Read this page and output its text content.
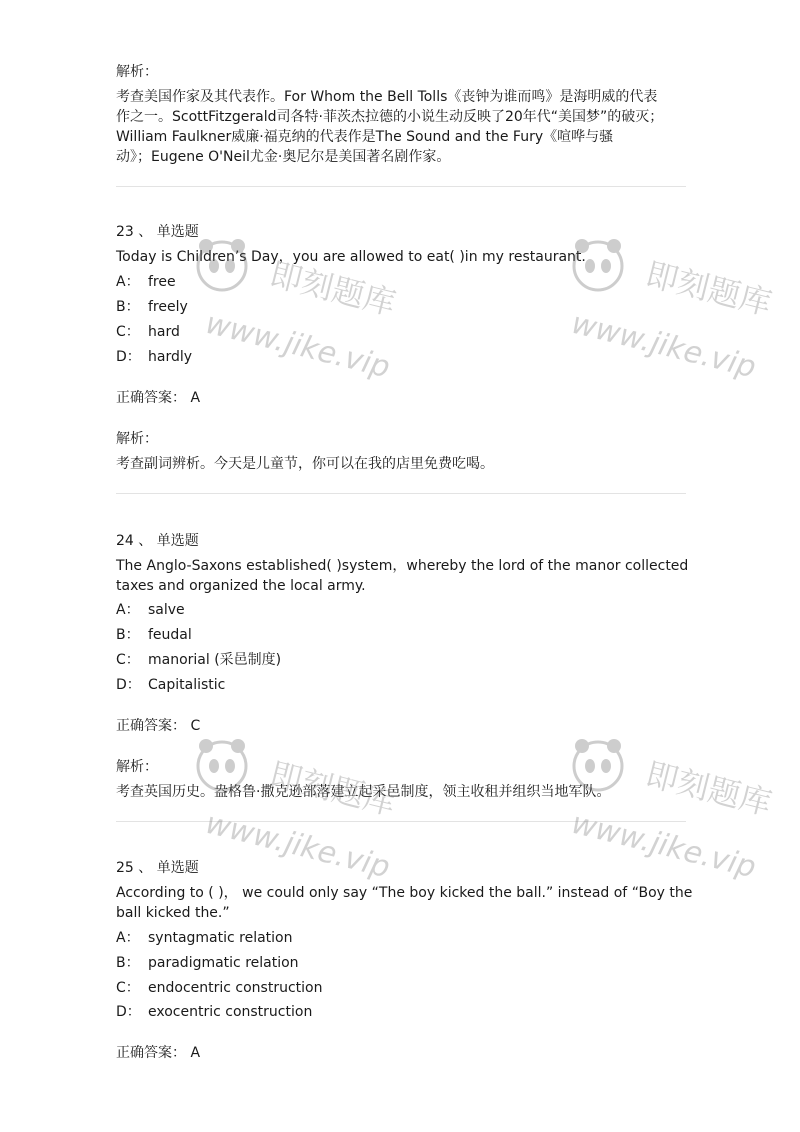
解析：
考查美国作家及其代表作。For Whom the Bell Tolls《丧钟为谁而鸣》是海明威的代表
作之一。ScottFitzgerald司各特·菲茨杰拉德的小说生动反映了20年代“美国梦”的破灭；
William Faulkner威廉·福克纳的代表作是The Sound and the Fury《喧哗与骚
动》；Eugene O'Neil尤金·奥尼尔是美国著名剧作家。
23 、 单选题
Today is Children’s Day，you are allowed to eat( )in my restaurant.
A： free
B： freely
C： hard
D： hardly
正确答案： A
解析：
考查副词辨析。今天是儿童节，你可以在我的店里免费吃喝。
24 、 单选题
The Anglo-Saxons established( )system，whereby the lord of the manor collected
taxes and organized the local army.
A： salve
B： feudal
C： manorial (采邑制度)
D： Capitalistic
正确答案： C
解析：
考查英国历史。盎格鲁·撒克逊部落建立起采邑制度，领主收租并组织当地军队。
25 、 单选题
According to ( )， we could only say “The boy kicked the ball.” instead of “Boy the
ball kicked the.”
A： syntagmatic relation
B： paradigmatic relation
C： endocentric construction
D： exocentric construction
正确答案： A
即刻题库
www.jike.vip
即刻题库
www.jike.vip
即刻题库
www.jike.vip
即刻题库
www.jike.vip
